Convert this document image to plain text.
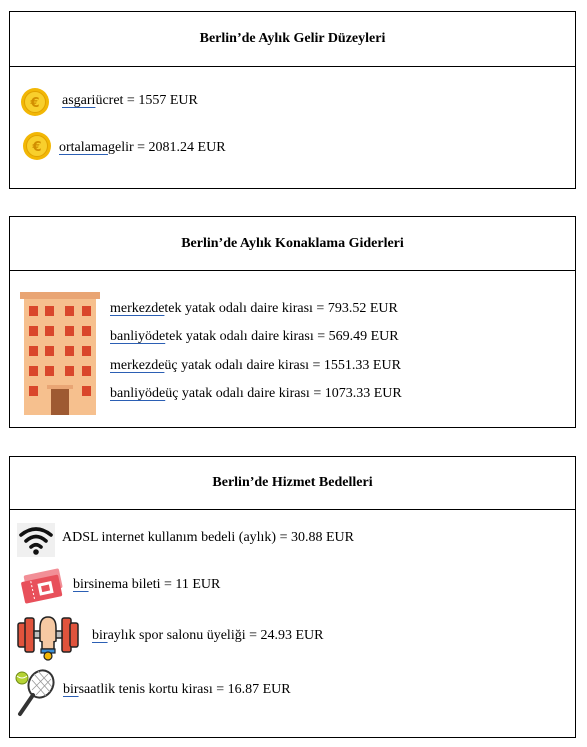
Berlin’de Aylık Gelir Düzeyleri
€ asgari ücret = 1557 EUR
€ ortalama gelir = 2081.24 EUR
Berlin’de Aylık Konaklama Giderleri
merkezde tek yatak odalı daire kirası = 793.52 EUR
banliyöde tek yatak odalı daire kirası = 569.49 EUR
merkezde üç yatak odalı daire kirası = 1551.33 EUR
banliyöde üç yatak odalı daire kirası = 1073.33 EUR
Berlin’de Hizmet Bedelleri
ADSL internet kullanım bedeli (aylık) = 30.88 EUR
bir sinema bileti = 11 EUR
bir aylık spor salonu üyeliği = 24.93 EUR
bir saatlik tenis kortu kirası = 16.87 EUR
